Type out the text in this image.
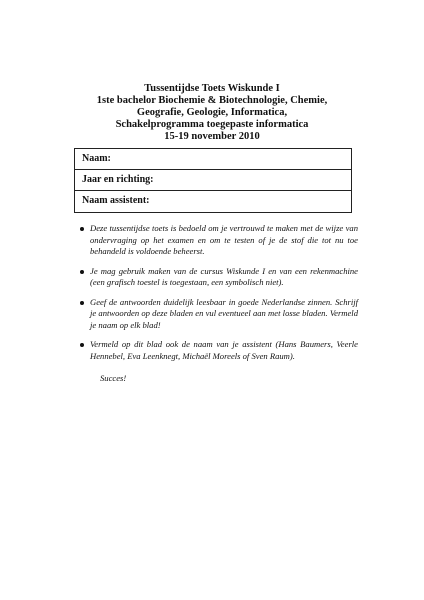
Tussentijdse Toets Wiskunde I
1ste bachelor Biochemie & Biotechnologie, Chemie,
Geografie, Geologie, Informatica,
Schakelprogramma toegepaste informatica
15-19 november 2010
Naam:
Jaar en richting:
Naam assistent:
Deze tussentijdse toets is bedoeld om je vertrouwd te maken met de wijze van ondervraging op het examen en om te testen of je de stof die tot nu toe behandeld is voldoende beheerst.
Je mag gebruik maken van de cursus Wiskunde I en van een rekenmachine (een grafisch toestel is toegestaan, een symbolisch niet).
Geef de antwoorden duidelijk leesbaar in goede Nederlandse zinnen. Schrijf je antwoorden op deze bladen en vul eventueel aan met losse bladen. Vermeld je naam op elk blad!
Vermeld op dit blad ook de naam van je assistent (Hans Baumers, Veerle Hennebel, Eva Leenknegt, Michaël Moreels of Sven Raum).
Succes!
